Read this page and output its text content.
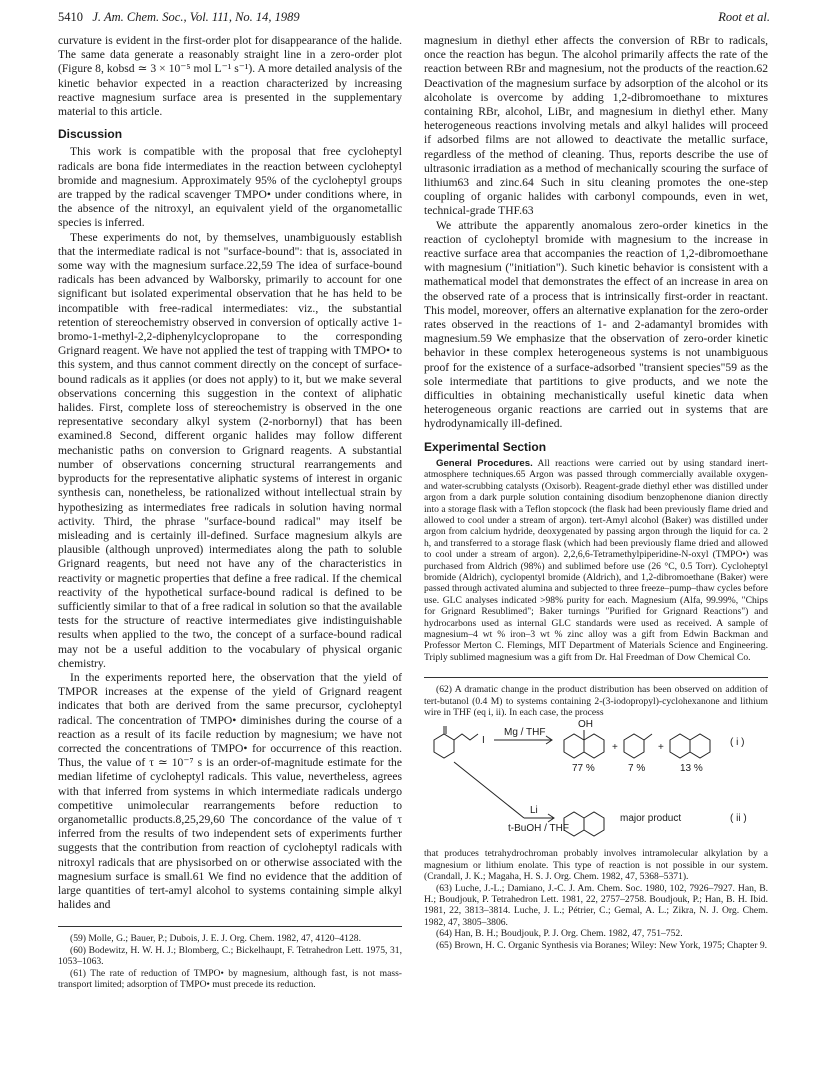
5410 J. Am. Chem. Soc., Vol. 111, No. 14, 1989	Root et al.

curvature is evident in the first-order plot for disappearance of the halide. The same data generate a reasonably straight line in a zero-order plot (Figure 8, kobsd ≃ 3 × 10⁻⁵ mol L⁻¹ s⁻¹). A more detailed analysis of the kinetic behavior expected in a reaction characterized by increasing reactive magnesium surface area is presented in the supplementary material to this article.

Discussion

This work is compatible with the proposal that free cycloheptyl radicals are bona fide intermediates in the reaction between cycloheptyl bromide and magnesium. Approximately 95% of the cycloheptyl groups are trapped by the radical scavenger TMPO• under conditions where, in the absence of the nitroxyl, an equivalent yield of the organometallic species is inferred.

These experiments do not, by themselves, unambiguously establish that the intermediate radical is not "surface-bound": that is, associated in some way with the magnesium surface.22,59 The idea of surface-bound radicals has been advanced by Walborsky, primarily to account for one significant but isolated experimental observation that he has held to be incompatible with free-radical intermediates: viz., the substantial retention of stereochemistry observed in conversion of optically active 1-bromo-1-methyl-2,2-diphenylcyclopropane to the corresponding Grignard reagent. We have not applied the test of trapping with TMPO• to this system, and thus cannot comment directly on the concept of surface-bound radicals as it applies (or does not apply) to it, but we make several observations concerning this suggestion in the context of aliphatic halides. First, complete loss of stereochemistry is observed in the one representative secondary alkyl system (2-norbornyl) that has been examined.8 Second, different organic halides may follow different mechanistic paths on conversion to Grignard reagents. A substantial number of observations concerning structural rearrangements and byproducts for the representative aliphatic systems of interest in organic synthesis can, nonetheless, be rationalized without intellectual strain by hypothesizing as intermediates free radicals in solution having normal activity. Third, the phrase "surface-bound radical" may itself be misleading and is certainly ill-defined. Surface magnesium alkyls are plausible (although unproved) intermediates along the path to soluble Grignard reagents, but need not have any of the characteristics in reactivity or magnetic properties that define a free radical. If the chemical reactivity of the hypothetical surface-bound radical is defined to be sufficiently similar to that of a free radical in solution so that the available tests for the structure of reactive intermediates give indistinguishable results when applied to the two, the concept of a surface-bound radical may not be a useful addition to the vocabulary of physical organic chemistry.

In the experiments reported here, the observation that the yield of TMPOR increases at the expense of the yield of Grignard reagent indicates that both are derived from the same precursor, cycloheptyl radical. The concentration of TMPO• diminishes during the course of a reaction as a result of its facile reduction by magnesium; we have not corrected the concentrations of TMPO• for occurrence of this reaction. Thus, the value of τ ≃ 10⁻⁷ s is an order-of-magnitude estimate for the median lifetime of cycloheptyl radicals. This value, nevertheless, agrees with that inferred from systems in which intermediate radicals undergo competitive unimolecular rearrangements before reduction to organometallic products.8,25,29,60 The concordance of the value of τ inferred from the results of two independent sets of experiments further suggests that the contribution from reaction of cycloheptyl radicals with nitroxyl radicals that are physisorbed on or otherwise associated with the magnesium surface is small.61 We find no evidence that the addition of large quantities of tert-amyl alcohol to systems containing simple alkyl halides and

(59) Molle, G.; Bauer, P.; Dubois, J. E. J. Org. Chem. 1982, 47, 4120–4128.

(60) Bodewitz, H. W. H. J.; Blomberg, C.; Bickelhaupt, F. Tetrahedron Lett. 1975, 31, 1053–1063.

(61) The rate of reduction of TMPO• by magnesium, although fast, is not mass-transport limited; adsorption of TMPO• must precede its reduction.

magnesium in diethyl ether affects the conversion of RBr to radicals, once the reaction has begun. The alcohol primarily affects the rate of the reaction between RBr and magnesium, not the products of the reaction.62 Deactivation of the magnesium surface by adsorption of the alcohol or its alcoholate is overcome by adding 1,2-dibromoethane to mixtures containing RBr, alcohol, LiBr, and magnesium in diethyl ether. Many heterogeneous reactions involving metals and alkyl halides will proceed if adsorbed films are not allowed to deactivate the metallic surface, regardless of the method of cleaning. Thus, reports describe the use of ultrasonic irradiation as a method of mechanically scouring the surface of lithium63 and zinc.64 Such in situ cleaning promotes the one-step coupling of organic halides with carbonyl compounds, even in wet, technical-grade THF.63

We attribute the apparently anomalous zero-order kinetics in the reaction of cycloheptyl bromide with magnesium to the increase in reactive surface area that accompanies the reaction of 1,2-dibromoethane with magnesium ("initiation"). Such kinetic behavior is consistent with a mathematical model that demonstrates the effect of an increase in area on the observed rate of a process that is intrinsically first-order in reactant. This model, moreover, offers an alternative explanation for the zero-order rates observed in the reactions of 1- and 2-adamantyl bromides with magnesium.59 We emphasize that the observation of zero-order kinetic behavior in these complex heterogeneous systems is not unambiguous proof for the existence of a surface-adsorbed "transient species"59 as the sole intermediate that partitions to give products, and we note the difficulties in obtaining mechanistically useful kinetic data when heterogeneous organic reactions are carried out in systems that are hydrodynamically ill-defined.

Experimental Section

General Procedures. All reactions were carried out by using standard inert-atmosphere techniques.65 Argon was passed through commercially available oxygen- and water-scrubbing catalysts (Oxisorb). Reagent-grade diethyl ether was distilled under argon from a dark purple solution containing disodium benzophenone dianion directly into a storage flask with a Teflon stopcock (the flask had been previously flame dried and allowed to cool under a stream of argon). tert-Amyl alcohol (Baker) was distilled under argon from calcium hydride, deoxygenated by passing argon through the liquid for ca. 2 h, and transferred to a storage flask (which had been previously flame dried and allowed to cool under a stream of argon). 2,2,6,6-Tetramethylpiperidine-N-oxyl (TMPO•) was purchased from Aldrich (98%) and sublimed before use (26 °C, 0.5 Torr). Cycloheptyl bromide (Aldrich), cyclopentyl bromide (Aldrich), and 1,2-dibromoethane (Baker) were passed through activated alumina and subjected to three freeze–pump–thaw cycles before use. GLC analyses indicated >98% purity for each. Magnesium (Alfa, 99.99%, "Chips for Grignard Resublimed"; Baker turnings "Purified for Grignard Reactions") and hydrocarbons used as internal GLC standards were used as received. A sample of magnesium–4 wt % iron–3 wt % zinc alloy was a gift from Edwin Backman and Professor Merton C. Flemings, MIT Department of Materials Science and Engineering. Triply sublimed magnesium was a gift from Dr. Hal Freedman of Dow Chemical Co.

(62) A dramatic change in the product distribution has been observed on addition of tert-butanol (0.4 M) to systems containing 2-(3-iodopropyl)-cyclohexanone and lithium wire in THF (eq i, ii). In each case, the process

+	+
I
Mg / THF
OH
77 %	7 %	13 %
( i )
Li
t-BuOH / THF
major product	( ii )

that produces tetrahydrochroman probably involves intramolecular alkylation by a magnesium or lithium enolate. This type of reaction is not possible in our system. (Crandall, J. K.; Magaha, H. S. J. Org. Chem. 1982, 47, 5368–5371).

(63) Luche, J.-L.; Damiano, J.-C. J. Am. Chem. Soc. 1980, 102, 7926–7927. Han, B. H.; Boudjouk, P. Tetrahedron Lett. 1981, 22, 2757–2758. Boudjouk, P.; Han, B. H. Ibid. 1981, 22, 3813–3814. Luche, J. L.; Pétrier, C.; Gemal, A. L.; Zikra, N. J. Org. Chem. 1982, 47, 3805–3806.

(64) Han, B. H.; Boudjouk, P. J. Org. Chem. 1982, 47, 751–752.

(65) Brown, H. C. Organic Synthesis via Boranes; Wiley: New York, 1975; Chapter 9.
